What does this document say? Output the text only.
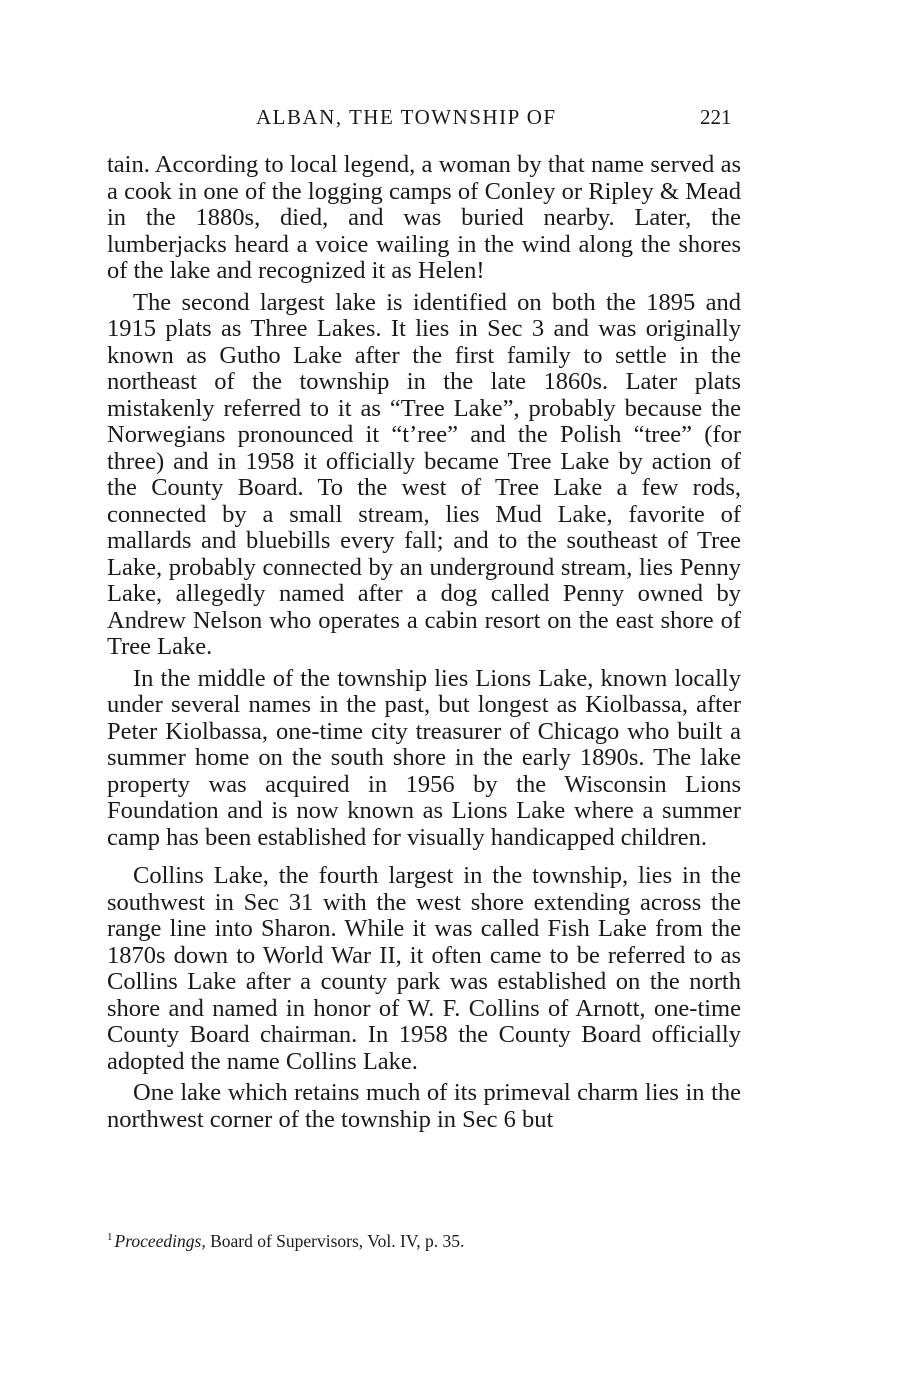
ALBAN, THE TOWNSHIP OF	221

tain. According to local legend, a woman by that name served as a cook in one of the logging camps of Conley or Ripley & Mead in the 1880s, died, and was buried nearby. Later, the lumberjacks heard a voice wailing in the wind along the shores of the lake and recognized it as Helen!

The second largest lake is identified on both the 1895 and 1915 plats as Three Lakes. It lies in Sec 3 and was originally known as Gutho Lake after the first family to settle in the northeast of the township in the late 1860s. Later plats mistakenly referred to it as “Tree Lake”, probably because the Norwegians pronounced it “t’ree” and the Polish “tree” (for three) and in 1958 it officially became Tree Lake by action of the County Board. To the west of Tree Lake a few rods, connected by a small stream, lies Mud Lake, favorite of mallards and bluebills every fall; and to the southeast of Tree Lake, probably connected by an underground stream, lies Penny Lake, allegedly named after a dog called Penny owned by Andrew Nelson who operates a cabin resort on the east shore of Tree Lake.

In the middle of the township lies Lions Lake, known locally under several names in the past, but longest as Kiolbassa, after Peter Kiolbassa, one-time city treasurer of Chicago who built a summer home on the south shore in the early 1890s. The lake property was acquired in 1956 by the Wisconsin Lions Foundation and is now known as Lions Lake where a summer camp has been established for visually handicapped children.

Collins Lake, the fourth largest in the township, lies in the southwest in Sec 31 with the west shore extending across the range line into Sharon. While it was called Fish Lake from the 1870s down to World War II, it often came to be referred to as Collins Lake after a county park was established on the north shore and named in honor of W. F. Collins of Arnott, one-time County Board chairman. In 1958 the County Board officially adopted the name Collins Lake.

One lake which retains much of its primeval charm lies in the northwest corner of the township in Sec 6 but

$^1$ Proceedings, Board of Supervisors, Vol. IV, p. 35.
